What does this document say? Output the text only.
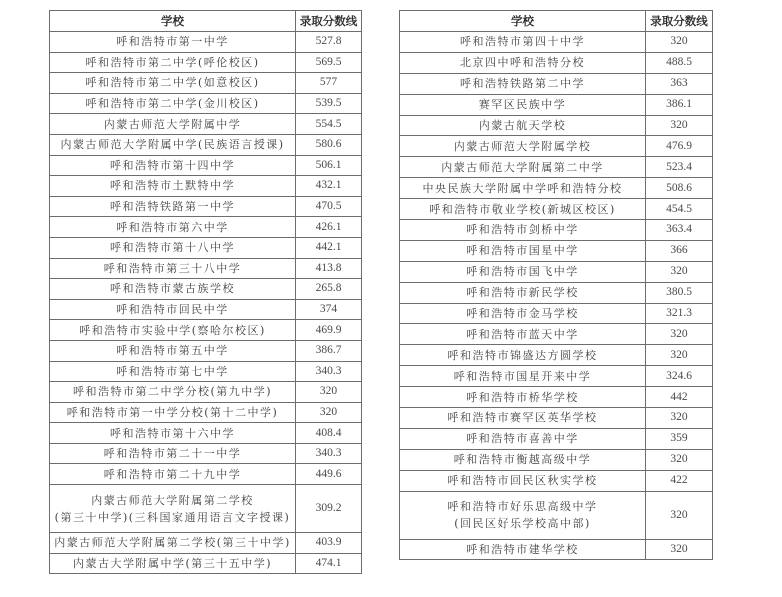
学校	录取分数线
呼和浩特市第一中学	527.8
呼和浩特市第二中学(呼伦校区)	569.5
呼和浩特市第二中学(如意校区)	577
呼和浩特市第二中学(金川校区)	539.5
内蒙古师范大学附属中学	554.5
内蒙古师范大学附属中学(民族语言授课)	580.6
呼和浩特市第十四中学	506.1
呼和浩特市土默特中学	432.1
呼和浩特铁路第一中学	470.5
呼和浩特市第六中学	426.1
呼和浩特市第十八中学	442.1
呼和浩特市第三十八中学	413.8
呼和浩特市蒙古族学校	265.8
呼和浩特市回民中学	374
呼和浩特市实验中学(察哈尔校区)	469.9
呼和浩特市第五中学	386.7
呼和浩特市第七中学	340.3
呼和浩特市第二中学分校(第九中学)	320
呼和浩特市第一中学分校(第十二中学)	320
呼和浩特市第十六中学	408.4
呼和浩特市第二十一中学	340.3
呼和浩特市第二十九中学	449.6
内蒙古师范大学附属第二学校
(第三十中学)(三科国家通用语言文字授课)	309.2
内蒙古师范大学附属第二学校(第三十中学)	403.9
内蒙古大学附属中学(第三十五中学)	474.1
学校	录取分数线
呼和浩特市第四十中学	320
北京四中呼和浩特分校	488.5
呼和浩特铁路第二中学	363
赛罕区民族中学	386.1
内蒙古航天学校	320
内蒙古师范大学附属学校	476.9
内蒙古师范大学附属第二中学	523.4
中央民族大学附属中学呼和浩特分校	508.6
呼和浩特市敬业学校(新城区校区)	454.5
呼和浩特市剑桥中学	363.4
呼和浩特市国星中学	366
呼和浩特市国飞中学	320
呼和浩特市新民学校	380.5
呼和浩特市金马学校	321.3
呼和浩特市蓝天中学	320
呼和浩特市锦盛达方圆学校	320
呼和浩特市国星开来中学	324.6
呼和浩特市桥华学校	442
呼和浩特市赛罕区英华学校	320
呼和浩特市喜善中学	359
呼和浩特市衡越高级中学	320
呼和浩特市回民区秋实学校	422
呼和浩特市好乐思高级中学
(回民区好乐学校高中部)	320
呼和浩特市建华学校	320
